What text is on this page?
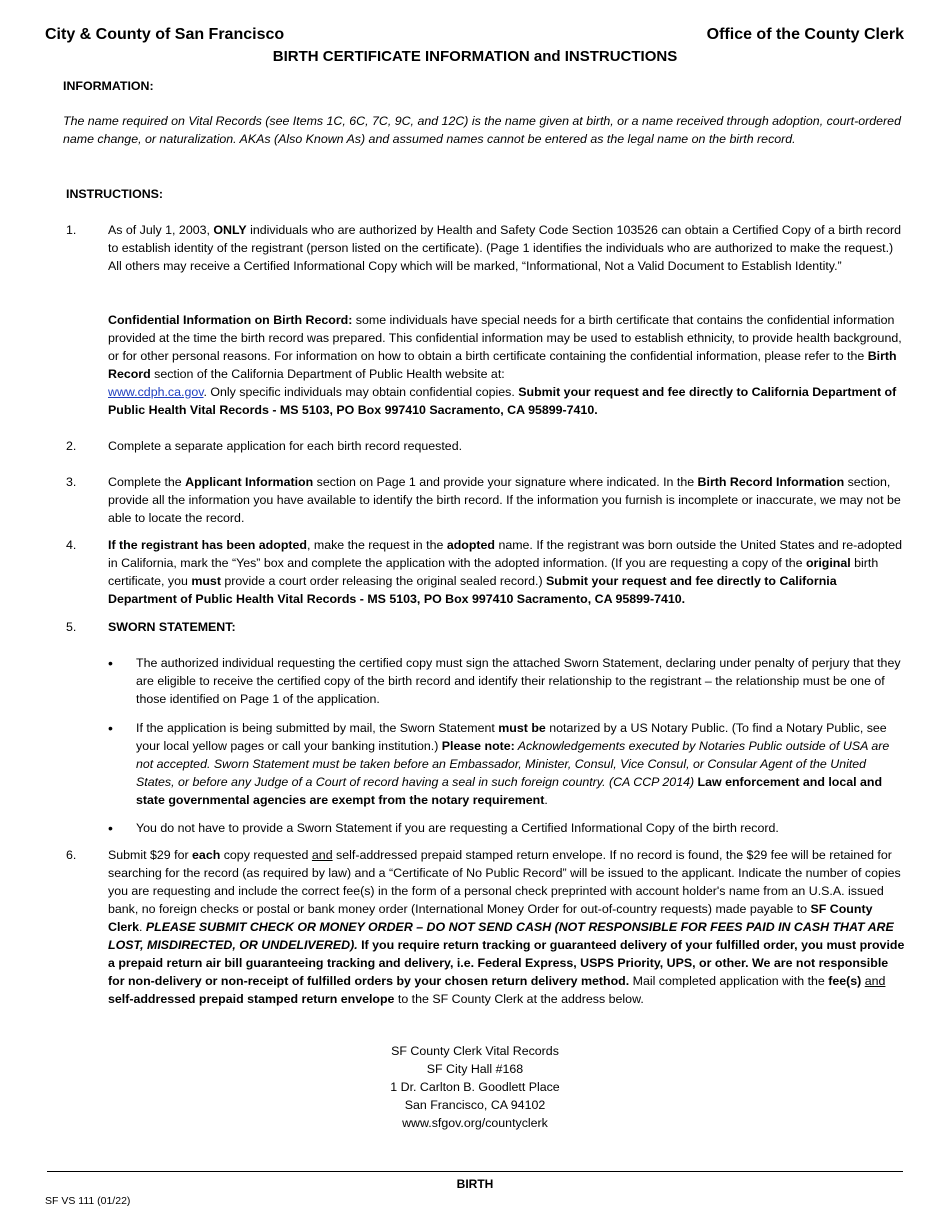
City & County of San Francisco	Office of the County Clerk
BIRTH CERTIFICATE INFORMATION and INSTRUCTIONS
INFORMATION:
The name required on Vital Records (see Items 1C, 6C, 7C, 9C, and 12C) is the name given at birth, or a name received through adoption, court-ordered name change, or naturalization. AKAs (Also Known As) and assumed names cannot be entered as the legal name on the birth record.
INSTRUCTIONS:
1.	As of July 1, 2003, ONLY individuals who are authorized by Health and Safety Code Section 103526 can obtain a Certified Copy of a birth record to establish identity of the registrant (person listed on the certificate). (Page 1 identifies the individuals who are authorized to make the request.) All others may receive a Certified Informational Copy which will be marked, “Informational, Not a Valid Document to Establish Identity.”
Confidential Information on Birth Record: some individuals have special needs for a birth certificate that contains the confidential information provided at the time the birth record was prepared. This confidential information may be used to establish ethnicity, to provide health background, or for other personal reasons. For information on how to obtain a birth certificate containing the confidential information, please refer to the Birth Record section of the California Department of Public Health website at:
www.cdph.ca.gov. Only specific individuals may obtain confidential copies. Submit your request and fee directly to California Department of Public Health Vital Records - MS 5103, PO Box 997410 Sacramento, CA 95899-7410.
2.	Complete a separate application for each birth record requested.
3.	Complete the Applicant Information section on Page 1 and provide your signature where indicated. In the Birth Record Information section, provide all the information you have available to identify the birth record. If the information you furnish is incomplete or inaccurate, we may not be able to locate the record.
4.	If the registrant has been adopted, make the request in the adopted name. If the registrant was born outside the United States and re-adopted in California, mark the “Yes” box and complete the application with the adopted information. (If you are requesting a copy of the original birth certificate, you must provide a court order releasing the original sealed record.) Submit your request and fee directly to California Department of Public Health Vital Records - MS 5103, PO Box 997410 Sacramento, CA 95899-7410.
5.	SWORN STATEMENT:
•	The authorized individual requesting the certified copy must sign the attached Sworn Statement, declaring under penalty of perjury that they are eligible to receive the certified copy of the birth record and identify their relationship to the registrant – the relationship must be one of those identified on Page 1 of the application.
•	If the application is being submitted by mail, the Sworn Statement must be notarized by a US Notary Public. (To find a Notary Public, see your local yellow pages or call your banking institution.) Please note: Acknowledgements executed by Notaries Public outside of USA are not accepted. Sworn Statement must be taken before an Embassador, Minister, Consul, Vice Consul, or Consular Agent of the United States, or before any Judge of a Court of record having a seal in such foreign country. (CA CCP 2014) Law enforcement and local and state governmental agencies are exempt from the notary requirement.
•	You do not have to provide a Sworn Statement if you are requesting a Certified Informational Copy of the birth record.
6.	Submit $29 for each copy requested and self-addressed prepaid stamped return envelope. If no record is found, the $29 fee will be retained for searching for the record (as required by law) and a “Certificate of No Public Record” will be issued to the applicant. Indicate the number of copies you are requesting and include the correct fee(s) in the form of a personal check preprinted with account holder's name from an U.S.A. issued bank, no foreign checks or postal or bank money order (International Money Order for out-of-country requests) made payable to SF County Clerk. PLEASE SUBMIT CHECK OR MONEY ORDER – DO NOT SEND CASH (NOT RESPONSIBLE FOR FEES PAID IN CASH THAT ARE LOST, MISDIRECTED, OR UNDELIVERED). If you require return tracking or guaranteed delivery of your fulfilled order, you must provide a prepaid return air bill guaranteeing tracking and delivery, i.e. Federal Express, USPS Priority, UPS, or other. We are not responsible for non-delivery or non-receipt of fulfilled orders by your chosen return delivery method. Mail completed application with the fee(s) and self-addressed prepaid stamped return envelope to the SF County Clerk at the address below.
SF County Clerk Vital Records
SF City Hall #168
1 Dr. Carlton B. Goodlett Place
San Francisco, CA 94102
www.sfgov.org/countyclerk
BIRTH
SF VS 111 (01/22)
